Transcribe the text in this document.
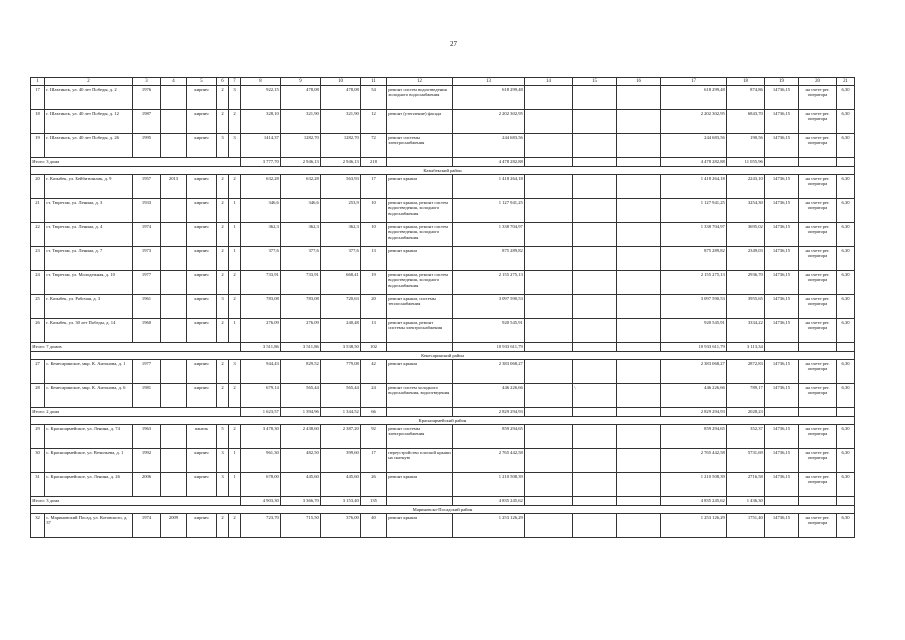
27
1	2	3	4	5	6	7	8	9	10	11	12	13	14	15	16	17	18	19	20	21
17	г. Шахтинск, ул. 40 лет Победы, д. 2	1976		кирпич	2	3	922,15	478,08	478,08	54	ремонт систем водоотведения холодного водоснабжения	618 299,48				618 299,48	874,86	14736,15	на счете рег. оператора	6,30
18	г. Шахтинск, ул. 40 лет Победы, д. 12	1987		кирпич	2	2	328,10	321,90	321,90	12	ремонт (утепление) фасада	2 202 302,95				2 202 302,95	6843,70	14736,15	на счете рег. оператора	6,30
19	г. Шахтинск, ул. 40 лет Победы, д. 26	1995		кирпич	3	3	1414,37	1282,70	1282,70	72	ремонт системы электроснабжения	244 683,56				244 683,56	190,56	14736,15	на счете рег. оператора	6,30
Итого: 3 дома							3 777,70	2 946,13	2 946,13	218		4 478 282,88				4 478 282,88	11 055,96			
Казыбекский район																				
20	г. Казыбек, ул. Бейбитшилик, д. 9	1957	2013	кирпич	2	2	632,28	632,28	563,93	17	ремонт крыши	1 418 264,18				1 418 264,18	2243,10	14736,15	на счете рег. оператора	6,30
21	ст. Тюретам, ул. Ленина, д. 3	1933		кирпич	2	1	346,6	346,6	253,9	10	ремонт крыши, ремонт систем водоотведения, холодного водоснабжения	1 127 941,25				1 127 941,25	3254,30	14736,15	на счете рег. оператора	6,30
22	ст. Тюретам, ул. Ленина, д. 4	1974		кирпич	2	1	362,3	362,3	362,3	10	ремонт крыши, ремонт систем водоотведения, холодного водоснабжения	1 338 704,97				1 338 704,97	3695,02	14736,15	на счете рег. оператора	6,30
23	ст. Тюретам, ул. Ленина, д. 7	1973		кирпич	2	1	377,6	377,6	377,6	13	ремонт крыши	875 289,82				875 289,82	2349,03	14736,15	на счете рег. оператора	6,30
24	ст. Тюретам, ул. Молодежная, д. 10	1977		кирпич	2	2	733,91	733,91	668,41	19	ремонт крыши, ремонт систем водоотведения, холодного водоснабжения	2 155 275,13				2 155 275,13	2936,70	14736,15	на счете рег. оператора	6,30
25	г. Казыбек, ул. Рабочая, д. 3	1961		кирпич	3	2	783,08	783,08	720,63	20	ремонт крыши, системы теплоснабжения	3 097 590,53				3 097 590,53	3955,65	14736,15	на счете рег. оператора	6,30
26	г. Казыбек, ул. 30 лет Победы, д. 14	1960		кирпич	2	1	276,09	276,09	240,48	13	ремонт крыши, ремонт системы электроснабжения	920 545,91				920 545,91	3334,22	14736,15	на счете рег. оператора	6,30
Итого: 7 домов							3 511,86	3 511,86	3 538,50	102		10 933 611,79				10 933 611,79	3 113,34			
Кенесаринский район																				
27	с. Кенесаринское, мкр. К. Антонова, д. 1	1977		кирпич	2	3	944,43	829,52	779,08	42	ремонт крыши	2 383 068,27				2 383 068,27	2872,83	14736,15	на счете рег. оператора	6,30
28	с. Кенесаринское, мкр. К. Антонова, д. 6	1981		кирпич	2	2	679,14	565,44	565,44	24	ремонт систем холодного водоснабжения, водоотведения	446 226,66		\		446 226,66	789,17	14736,15	на счете рег. оператора	6,30
Итого: 2 дома							1 623,57	1 394,96	1 344,52	66		2 829 294,93				2 829 294,93	2028,23			
Красноармейский район																				
29	с. Красноармейское, ул. Ленина, д. 74	1963		панель	5	2	3 478,30	2 438,60	2 387,20	92	ремонт системы электроснабжения	859 294,65				859 294,65	352,37	14736,15	на счете рег. оператора	6,30
30	с. Красноармейское, ул. Вечильева, д. 1	1992		кирпич	3	1	961,30	482,50	399,60	17	переустройство плоской крыши на скатную	2 765 442,58				2 765 442,58	5731,69	14736,15	на счете рег. оператора	6,30
31	с. Красноармейское, ул. Ленина, д. 26	2006		кирпич	3	1	678,00	445,60	445,60	26	ремонт крыши	1 210 508,39				1 210 508,39	2716,58	14736,15	на счете рег. оператора	6,30
Итого: 3 дома							4 903,30	3 366,70	3 153,40	135		4 835 245,62				4 835 245,62	1 436,30			
Мариновско-Посадский район																				
32	с. Мариновский Посад, ул. Котовского, д. 37	1974	2009	кирпич	2	2	723,70	715,50	376,00	40	ремонт крыши	1 253 126,29				1 253 126,29	1751,40	14736,15	на счете рег. оператора	6,30
